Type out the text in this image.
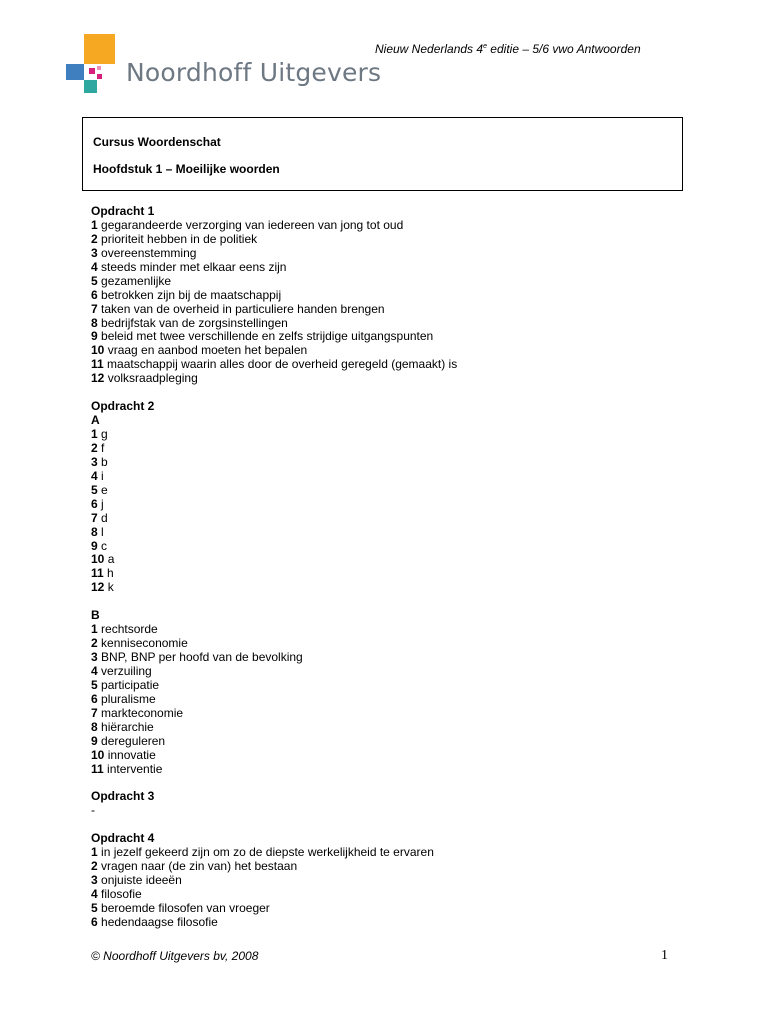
Noordhoff Uitgevers
Nieuw Nederlands 4e editie – 5/6 vwo Antwoorden
Cursus Woordenschat
Hoofdstuk 1 – Moeilijke woorden
Opdracht 1
1 gegarandeerde verzorging van iedereen van jong tot oud
2 prioriteit hebben in de politiek
3 overeenstemming
4 steeds minder met elkaar eens zijn
5 gezamenlijke
6 betrokken zijn bij de maatschappij
7 taken van de overheid in particuliere handen brengen
8 bedrijfstak van de zorgsinstellingen
9 beleid met twee verschillende en zelfs strijdige uitgangspunten
10 vraag en aanbod moeten het bepalen
11 maatschappij waarin alles door de overheid geregeld (gemaakt) is
12 volksraadpleging
Opdracht 2
A
1 g
2 f
3 b
4 i
5 e
6 j
7 d
8 l
9 c
10 a
11 h
12 k
B
1 rechtsorde
2 kenniseconomie
3 BNP, BNP per hoofd van de bevolking
4 verzuiling
5 participatie
6 pluralisme
7 markteconomie
8 hiërarchie
9 dereguleren
10 innovatie
11 interventie
Opdracht 3
-
Opdracht 4
1 in jezelf gekeerd zijn om zo de diepste werkelijkheid te ervaren
2 vragen naar (de zin van) het bestaan
3 onjuiste ideeën
4 filosofie
5 beroemde filosofen van vroeger
6 hedendaagse filosofie
© Noordhoff Uitgevers bv, 2008	1
